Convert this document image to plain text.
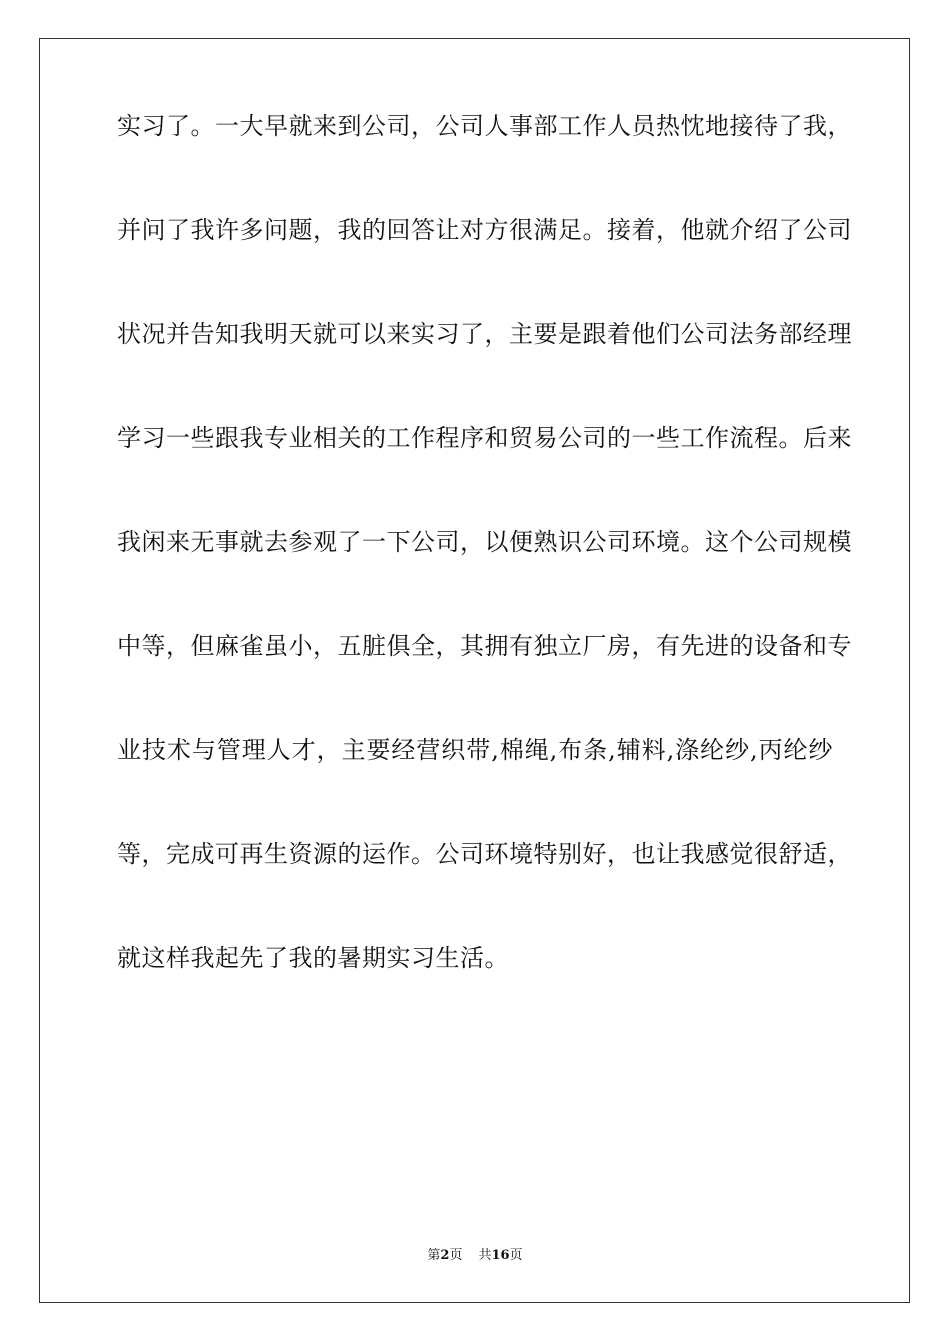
实习了。一大早就来到公司，公司人事部工作人员热忱地接待了我，
并问了我许多问题，我的回答让对方很满足。接着，他就介绍了公司
状况并告知我明天就可以来实习了，主要是跟着他们公司法务部经理
学习一些跟我专业相关的工作程序和贸易公司的一些工作流程。后来
我闲来无事就去参观了一下公司，以便熟识公司环境。这个公司规模
中等，但麻雀虽小，五脏俱全，其拥有独立厂房，有先进的设备和专
业技术与管理人才，主要经营织带,棉绳,布条,辅料,涤纶纱,丙纶纱
等，完成可再生资源的运作。公司环境特别好，也让我感觉很舒适，
就这样我起先了我的暑期实习生活。
第2页 共16页
